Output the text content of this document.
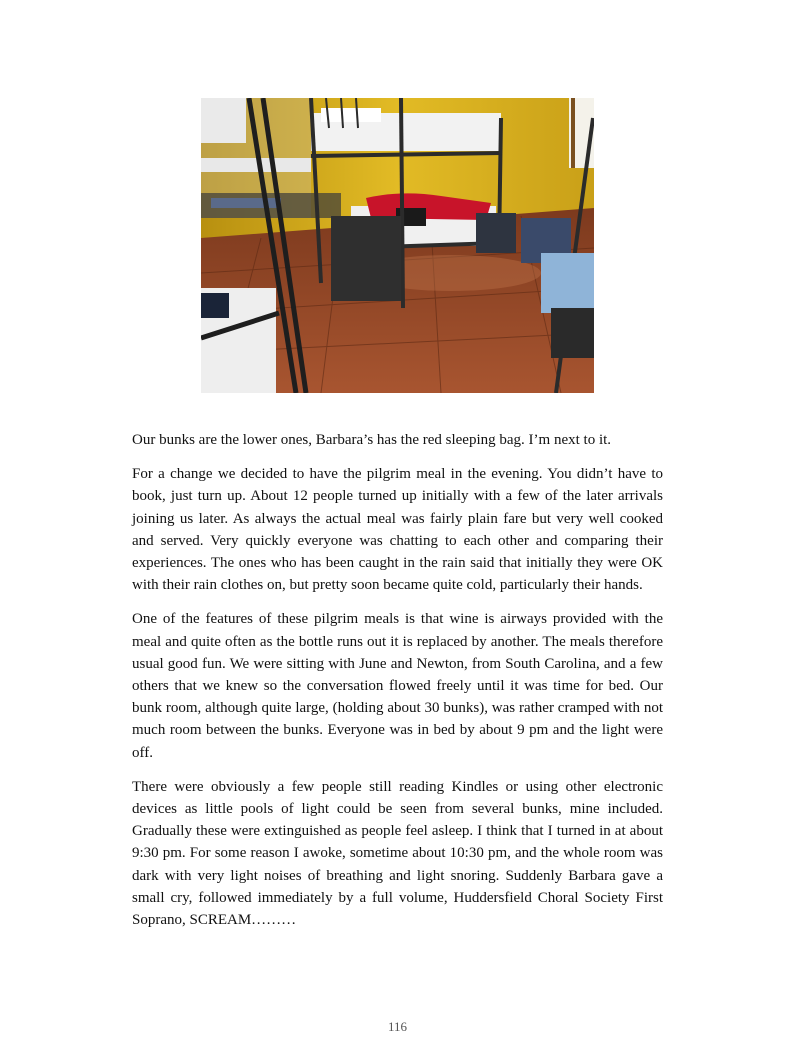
Our bunks are the lower ones, Barbara’s has the red sleeping bag. I’m next to it.

For a change we decided to have the pilgrim meal in the evening. You didn’t have to book, just turn up. About 12 people turned up initially with a few of the later arrivals joining us later. As always the actual meal was fairly plain fare but very well cooked and served. Very quickly everyone was chatting to each other and comparing their experiences. The ones who has been caught in the rain said that initially they were OK with their rain clothes on, but pretty soon became quite cold, particularly their hands.

One of the features of these pilgrim meals is that wine is airways provided with the meal and quite often as the bottle runs out it is replaced by another. The meals therefore usual good fun. We were sitting with June and Newton, from South Carolina, and a few others that we knew so the conversation flowed freely until it was time for bed. Our bunk room, although quite large, (holding about 30 bunks), was rather cramped with not much room between the bunks. Everyone was in bed by about 9 pm and the light were off.

There were obviously a few people still reading Kindles or using other electronic devices as little pools of light could be seen from several bunks, mine included. Gradually these were extinguished as people feel asleep. I think that I turned in at about 9:30 pm. For some reason I awoke, sometime about 10:30 pm, and the whole room was dark with very light noises of breathing and light snoring. Suddenly Barbara gave a small cry, followed immediately by a full volume, Huddersfield Choral Society First Soprano, SCREAM………

116
